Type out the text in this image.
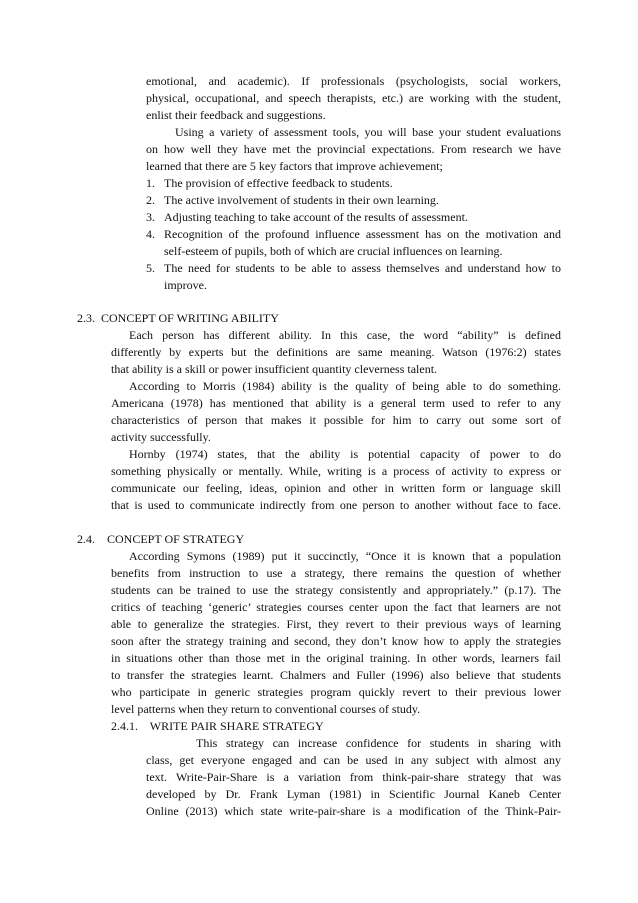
emotional, and academic). If professionals (psychologists, social workers,
physical, occupational, and speech therapists, etc.) are working with the student,
enlist their feedback and suggestions.
Using a variety of assessment tools, you will base your student evaluations
on how well they have met the provincial expectations. From research we have
learned that there are 5 key factors that improve achievement;
1. The provision of effective feedback to students.
2. The active involvement of students in their own learning.
3. Adjusting teaching to take account of the results of assessment.
4. Recognition of the profound influence assessment has on the motivation and
self-esteem of pupils, both of which are crucial influences on learning.
5. The need for students to be able to assess themselves and understand how to
improve.
2.3.  CONCEPT OF WRITING ABILITY
Each person has different ability. In this case, the word “ability” is defined
differently by experts but the definitions are same meaning. Watson (1976:2) states
that ability is a skill or power insufficient quantity cleverness talent.
According to Morris (1984) ability is the quality of being able to do something.
Americana (1978) has mentioned that ability is a general term used to refer to any
characteristics of person that makes it possible for him to carry out some sort of
activity successfully.
Hornby (1974) states, that the ability is potential capacity of power to do
something physically or mentally. While, writing is a process of activity to express or
communicate our feeling, ideas, opinion and other in written form or language skill
that is used to communicate indirectly from one person to another without face to face.
2.4.    CONCEPT OF STRATEGY
According Symons (1989) put it succinctly, “Once it is known that a population
benefits from instruction to use a strategy, there remains the question of whether
students can be trained to use the strategy consistently and appropriately.” (p.17). The
critics of teaching ‘generic’ strategies courses center upon the fact that learners are not
able to generalize the strategies. First, they revert to their previous ways of learning
soon after the strategy training and second, they don’t know how to apply the strategies
in situations other than those met in the original training. In other words, learners fail
to transfer the strategies learnt. Chalmers and Fuller (1996) also believe that students
who participate in generic strategies program quickly revert to their previous lower
level patterns when they return to conventional courses of study.
2.4.1.    WRITE PAIR SHARE STRATEGY
This strategy can increase confidence for students in sharing with
class, get everyone engaged and can be used in any subject with almost any
text. Write-Pair-Share is a variation from think-pair-share strategy that was
developed by Dr. Frank Lyman (1981) in Scientific Journal Kaneb Center
Online (2013) which state write-pair-share is a modification of the Think-Pair-
